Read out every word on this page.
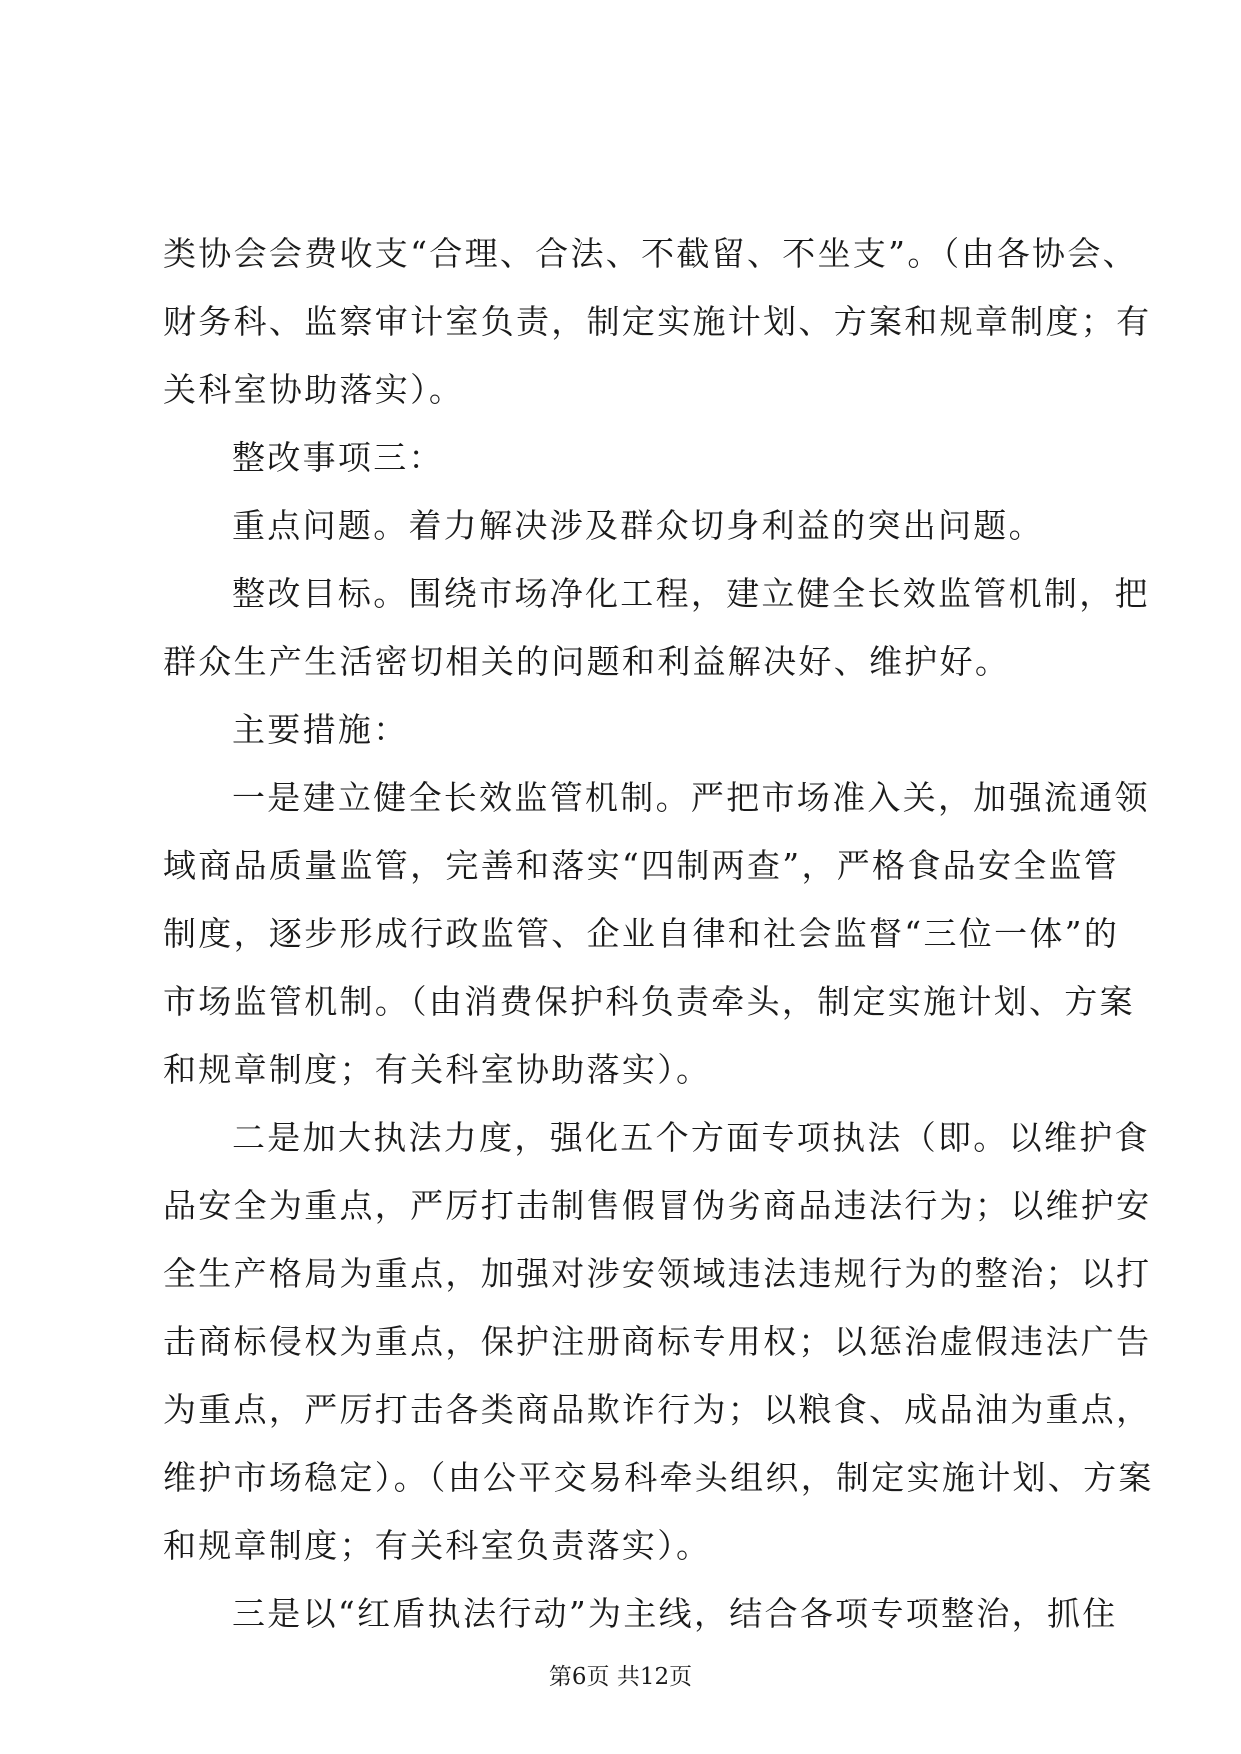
类协会会费收支“合理、合法、不截留、不坐支”。（由各协会、
财务科、监察审计室负责，制定实施计划、方案和规章制度；有
关科室协助落实）。
整改事项三：
重点问题。着力解决涉及群众切身利益的突出问题。
整改目标。围绕市场净化工程，建立健全长效监管机制，把
群众生产生活密切相关的问题和利益解决好、维护好。
主要措施：
一是建立健全长效监管机制。严把市场准入关，加强流通领
域商品质量监管，完善和落实“四制两查”，严格食品安全监管
制度，逐步形成行政监管、企业自律和社会监督“三位一体”的
市场监管机制。（由消费保护科负责牵头，制定实施计划、方案
和规章制度；有关科室协助落实）。
二是加大执法力度，强化五个方面专项执法（即。以维护食
品安全为重点，严厉打击制售假冒伪劣商品违法行为；以维护安
全生产格局为重点，加强对涉安领域违法违规行为的整治；以打
击商标侵权为重点，保护注册商标专用权；以惩治虚假违法广告
为重点，严厉打击各类商品欺诈行为；以粮食、成品油为重点，
维护市场稳定）。（由公平交易科牵头组织，制定实施计划、方案
和规章制度；有关科室负责落实）。
三是以“红盾执法行动”为主线，结合各项专项整治，抓住
第6页 共12页
